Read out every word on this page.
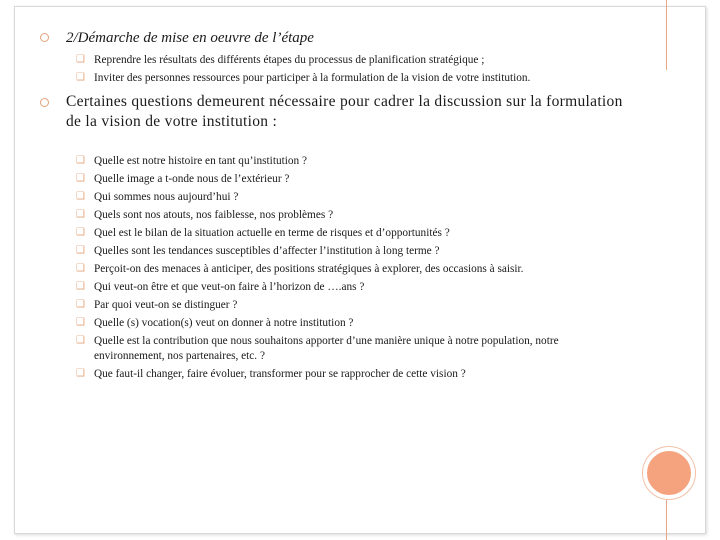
2/Démarche de mise en oeuvre de l’étape
❑ Reprendre les résultats des différents étapes du processus de planification stratégique ;
❑ Inviter des personnes ressources pour participer à la formulation de la vision de votre institution.
Certaines questions demeurent nécessaire pour cadrer la discussion sur la formulation de la vision de votre institution :
❑ Quelle est notre histoire en tant qu’institution ?
❑ Quelle image a t-onde nous de l’extérieur ?
❑ Qui sommes nous aujourd’hui ?
❑ Quels sont nos atouts, nos faiblesse, nos problèmes ?
❑ Quel est le bilan de la situation actuelle en terme de risques et d’opportunités ?
❑ Quelles sont les tendances susceptibles d’affecter l’institution à long terme ?
❑ Perçoit-on des menaces à anticiper, des positions stratégiques à explorer, des occasions à saisir.
❑ Qui veut-on être et que veut-on faire à l’horizon de ….ans ?
❑ Par quoi veut-on se distinguer ?
❑ Quelle (s) vocation(s) veut on donner à notre institution ?
❑ Quelle est la contribution que nous souhaitons apporter d’une manière unique à notre population, notre environnement, nos partenaires, etc. ?
❑ Que faut-il changer, faire évoluer, transformer pour se rapprocher de cette vision ?
